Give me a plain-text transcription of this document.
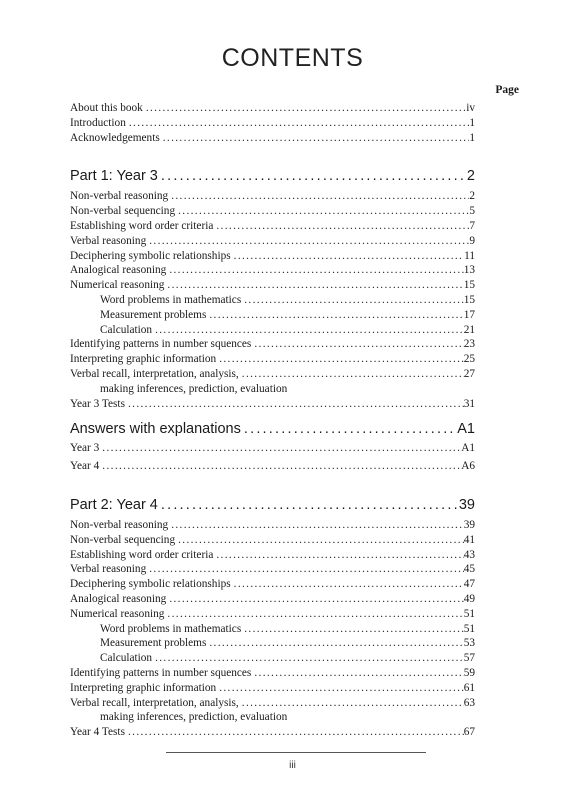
CONTENTS
Page
About this book .....	iv
Introduction .....	1
Acknowledgements .....	1
Part 1: Year 3 .....	2
Non-verbal reasoning .....	2
Non-verbal sequencing .....	5
Establishing word order criteria .....	7
Verbal reasoning .....	9
Deciphering symbolic relationships .....	11
Analogical reasoning .....	13
Numerical reasoning .....	15
Word problems in mathematics .....	15
Measurement problems .....	17
Calculation .....	21
Identifying patterns in number squences .....	23
Interpreting graphic information .....	25
Verbal recall, interpretation, analysis, .....	27
making inferences, prediction, evaluation
Year 3 Tests .....	31
Answers with explanations .....	A1
Year 3 .....	A1
Year 4 .....	A6
Part 2: Year 4 .....	39
Non-verbal reasoning .....	39
Non-verbal sequencing .....	41
Establishing word order criteria .....	43
Verbal reasoning .....	45
Deciphering symbolic relationships .....	47
Analogical reasoning .....	49
Numerical reasoning .....	51
Word problems in mathematics .....	51
Measurement problems .....	53
Calculation .....	57
Identifying patterns in number squences .....	59
Interpreting graphic information .....	61
Verbal recall, interpretation, analysis, .....	63
making inferences, prediction, evaluation
Year 4 Tests .....	67
iii
